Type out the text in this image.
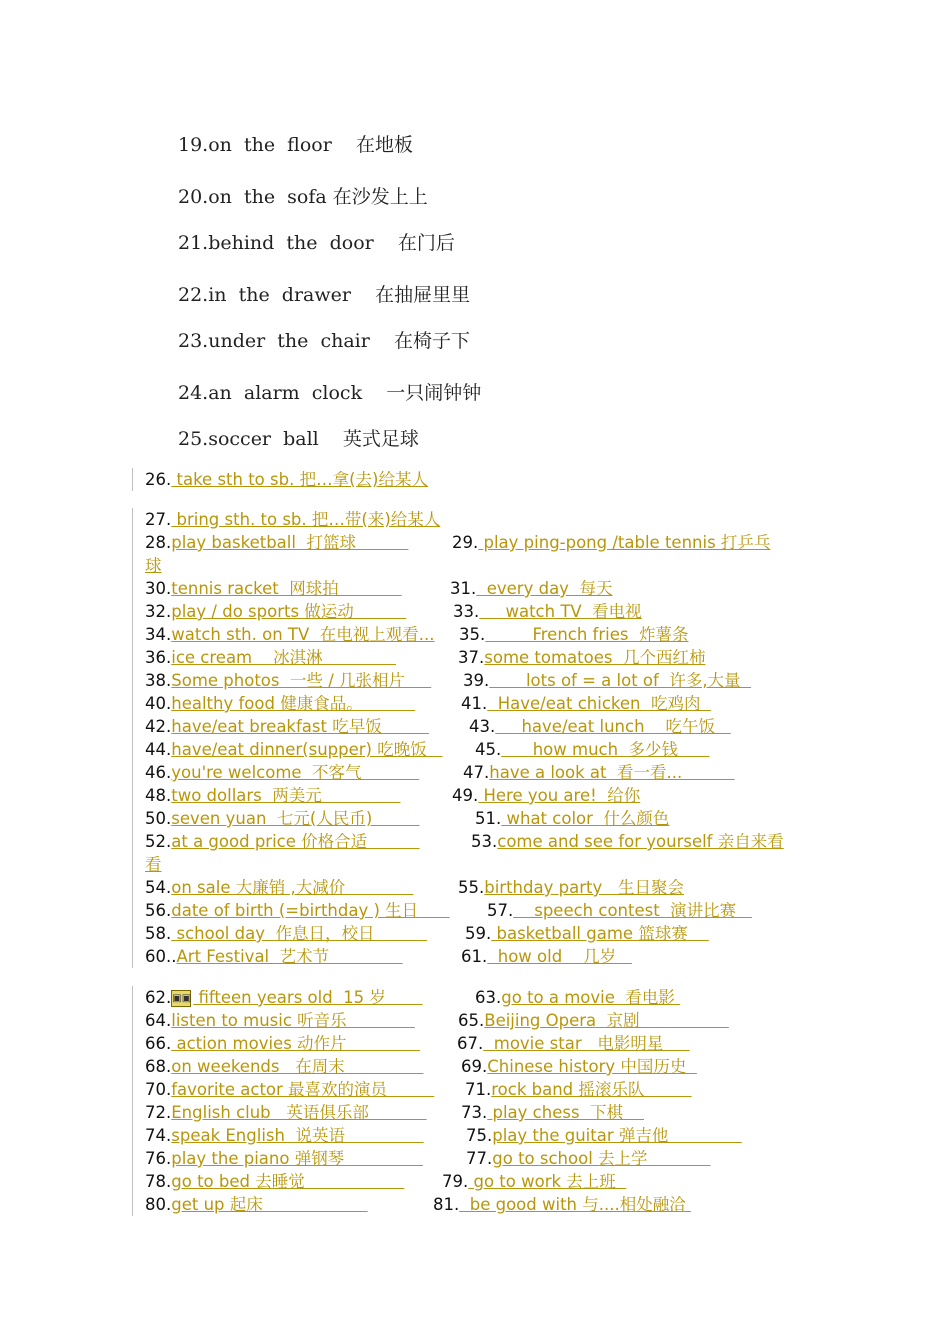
19.on  the  floor    在地板
20.on  the  sofa 在沙发上上
21.behind  the  door    在门后
22.in  the  drawer    在抽屉里里
23.under  the  chair    在椅子下
24.an  alarm  clock    一只闹钟钟
25.soccer  ball    英式足球
26. take sth to sb. 把…拿(去)给某人
27. bring sth. to sb. 把…带(来)给某人
28.play basketball  打篮球	29. play ping-pong /table tennis 打乒乓
球
30.tennis racket  网球拍	31.  every day  每天
32.play / do sports 做运动	33.     watch TV  看电视
34.watch sth. on TV  在电视上观看... 35.         French fries  炸薯条
36.ice cream    冰淇淋	37.some tomatoes  几个西红柿
38.Some photos  一些 / 几张相片 39.       lots of = a lot of  许多,大量
40.healthy food 健康食品。	41.  Have/eat chicken  吃鸡肉
42.have/eat breakfast 吃早饭 43.     have/eat lunch    吃午饭
44.have/eat dinner(supper) 吃晚饭 45.      how much  多少钱
46.you're welcome  不客气	47.have a look at  看一看...
48.two dollars  两美元	49. Here you are!  给你
50.seven yuan  七元(人民币)	51. what color  什么颜色
52.at a good price 价格合适	53.come and see for yourself 亲自来看
看
54.on sale 大廉销 ,大减价	55.birthday party   生日聚会
56.date of birth (=birthday ) 生日 57.    speech contest  演讲比赛
58. school day  作息日，校日 59. basketball game 篮球赛
60..Art Festival  艺术节	61.  how old    几岁
62.▣▣ fifteen years old  15 岁	63.go to a movie  看电影
64.listen to music 听音乐	65.Beijing Opera  京剧
66. action movies 动作片 67.  movie star   电影明星
68.on weekends   在周末 69.Chinese history 中国历史
70.favorite actor 最喜欢的演员 71.rock band 摇滚乐队
72.English club   英语俱乐部 73. play chess  下棋
74.speak English  说英语	75.play the guitar 弹吉他
76.play the piano 弹钢琴	77.go to school 去上学
78.go to bed 去睡觉 79. go to work 去上班
80.get up 起床	81.  be good with 与....相处融洽
